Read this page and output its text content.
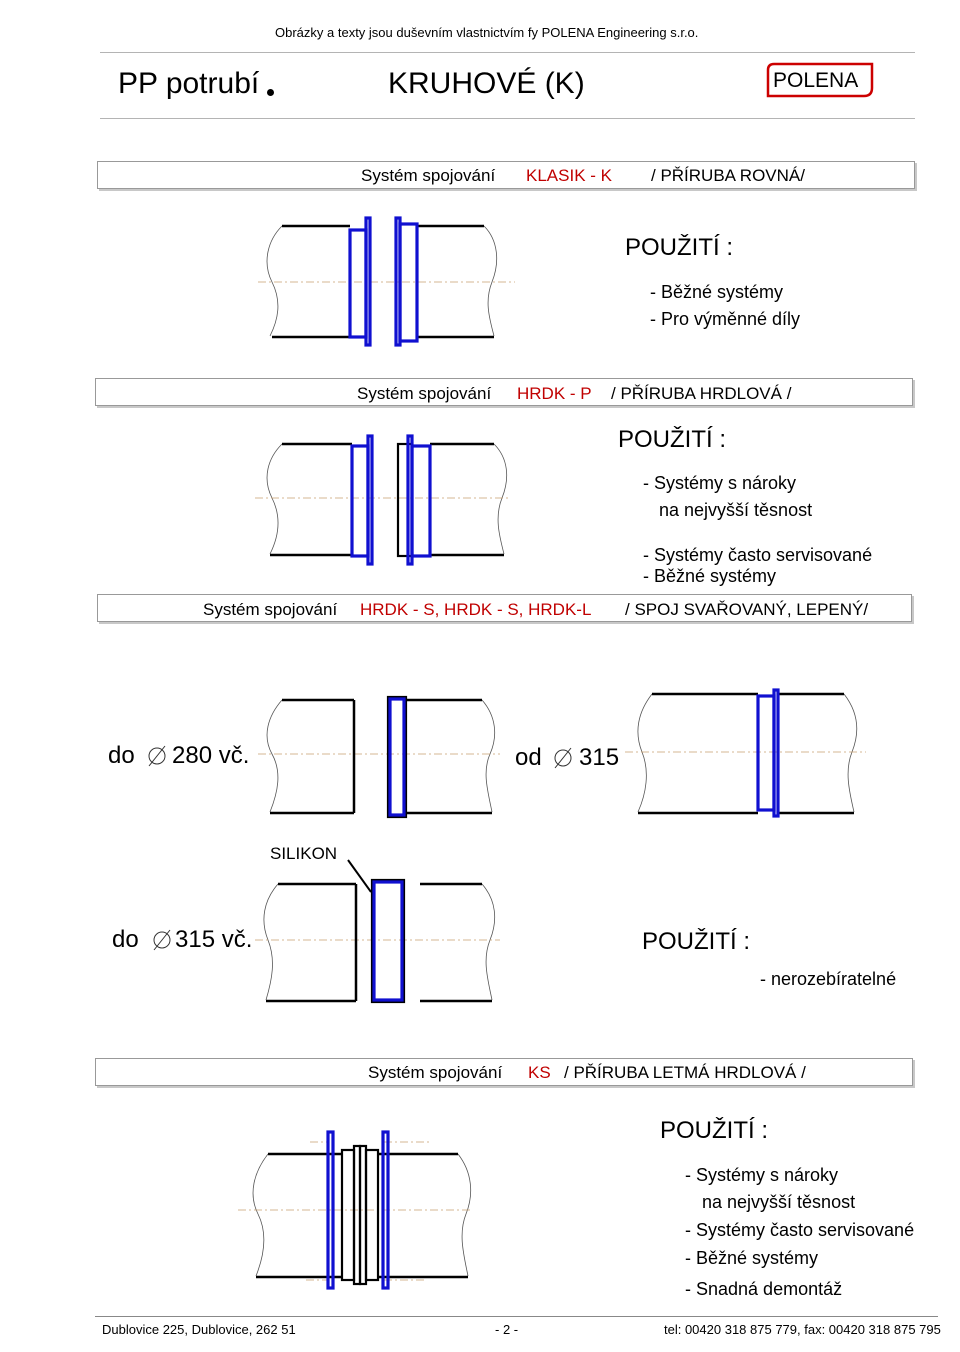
Obrázky a texty jsou duševním vlastnictvím fy POLENA Engineering s.r.o.
PP potrubí	KRUHOVÉ (K)	POLENA
Systém spojování KLASIK - K / PŘÍRUBA ROVNÁ/
POUŽITÍ :
- Běžné systémy
- Pro výměnné díly
Systém spojování HRDK - P / PŘÍRUBA HRDLOVÁ /
POUŽITÍ :
- Systémy s nároky
na nejvyšší těsnost
- Systémy často servisované
- Běžné systémy
Systém spojování HRDK - S, HRDK - S, HRDK-L / SPOJ SVAŘOVANÝ, LEPENÝ/
do 280 vč.	od 315
SILIKON
do 315 vč.	POUŽITÍ :
- nerozebíratelné
Systém spojování KS / PŘÍRUBA LETMÁ HRDLOVÁ /
POUŽITÍ :
- Systémy s nároky
na nejvyšší těsnost
- Systémy často servisované
- Běžné systémy
- Snadná demontáž
Dublovice 225, Dublovice, 262 51	- 2 -	tel: 00420 318 875 779, fax: 00420 318 875 795
